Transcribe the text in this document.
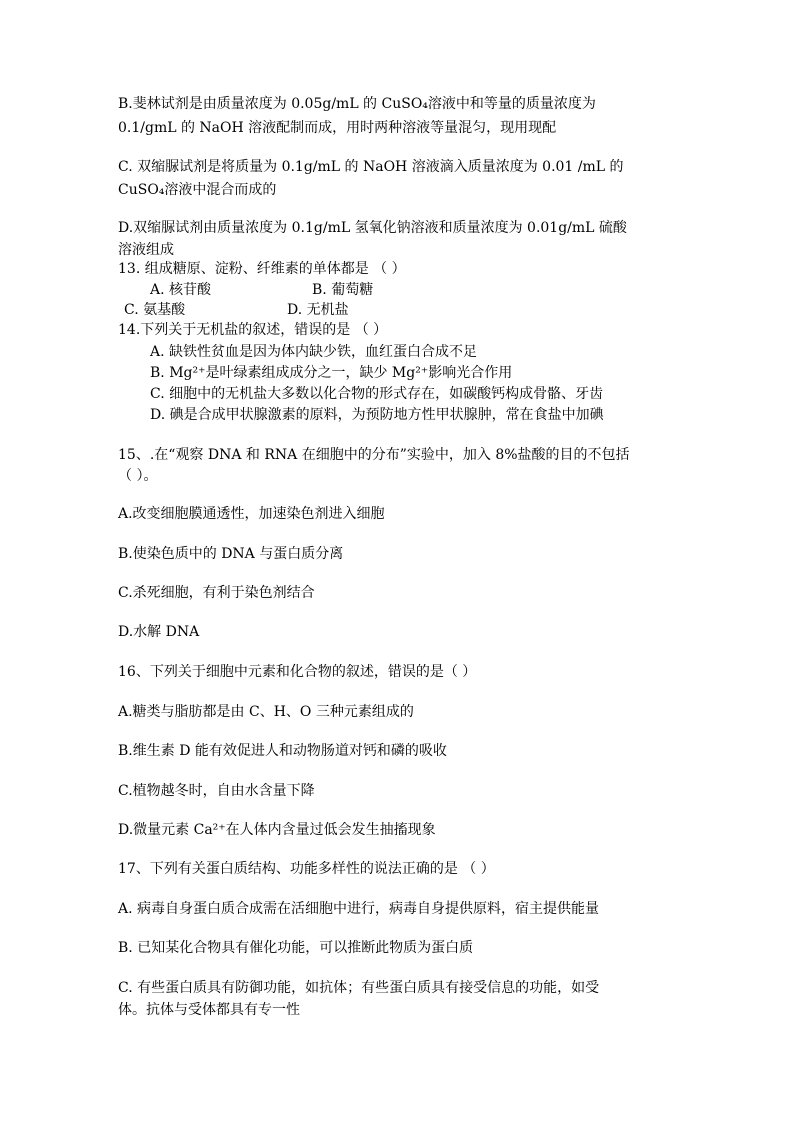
B.斐林试剂是由质量浓度为 0.05g/mL 的 CuSO₄溶液中和等量的质量浓度为
0.1/gmL 的 NaOH 溶液配制而成，用时两种溶液等量混匀，现用现配
C. 双缩脲试剂是将质量为 0.1g/mL 的 NaOH 溶液滴入质量浓度为 0.01 /mL 的
CuSO₄溶液中混合而成的
D.双缩脲试剂由质量浓度为 0.1g/mL 氢氧化钠溶液和质量浓度为 0.01g/mL 硫酸
溶液组成
13. 组成糖原、淀粉、纤维素的单体都是 （ ）
A. 核苷酸	B. 葡萄糖
C. 氨基酸	D. 无机盐
14.下列关于无机盐的叙述，错误的是 （ ）
A. 缺铁性贫血是因为体内缺少铁，血红蛋白合成不足
B. Mg²⁺是叶绿素组成成分之一，缺少 Mg²⁺影响光合作用
C. 细胞中的无机盐大多数以化合物的形式存在，如碳酸钙构成骨骼、牙齿
D. 碘是合成甲状腺激素的原料，为预防地方性甲状腺肿，常在食盐中加碘
15、.在“观察 DNA 和 RNA 在细胞中的分布”实验中，加入 8%盐酸的目的不包括
（ ）。
A.改变细胞膜通透性，加速染色剂进入细胞
B.使染色质中的 DNA 与蛋白质分离
C.杀死细胞，有利于染色剂结合
D.水解 DNA
16、下列关于细胞中元素和化合物的叙述，错误的是（ ）
A.糖类与脂肪都是由 C、H、O 三种元素组成的
B.维生素 D 能有效促进人和动物肠道对钙和磷的吸收
C.植物越冬时，自由水含量下降
D.微量元素 Ca²⁺在人体内含量过低会发生抽搐现象
17、下列有关蛋白质结构、功能多样性的说法正确的是 （ ）
A. 病毒自身蛋白质合成需在活细胞中进行，病毒自身提供原料，宿主提供能量
B. 已知某化合物具有催化功能，可以推断此物质为蛋白质
C. 有些蛋白质具有防御功能，如抗体；有些蛋白质具有接受信息的功能，如受
体。抗体与受体都具有专一性
